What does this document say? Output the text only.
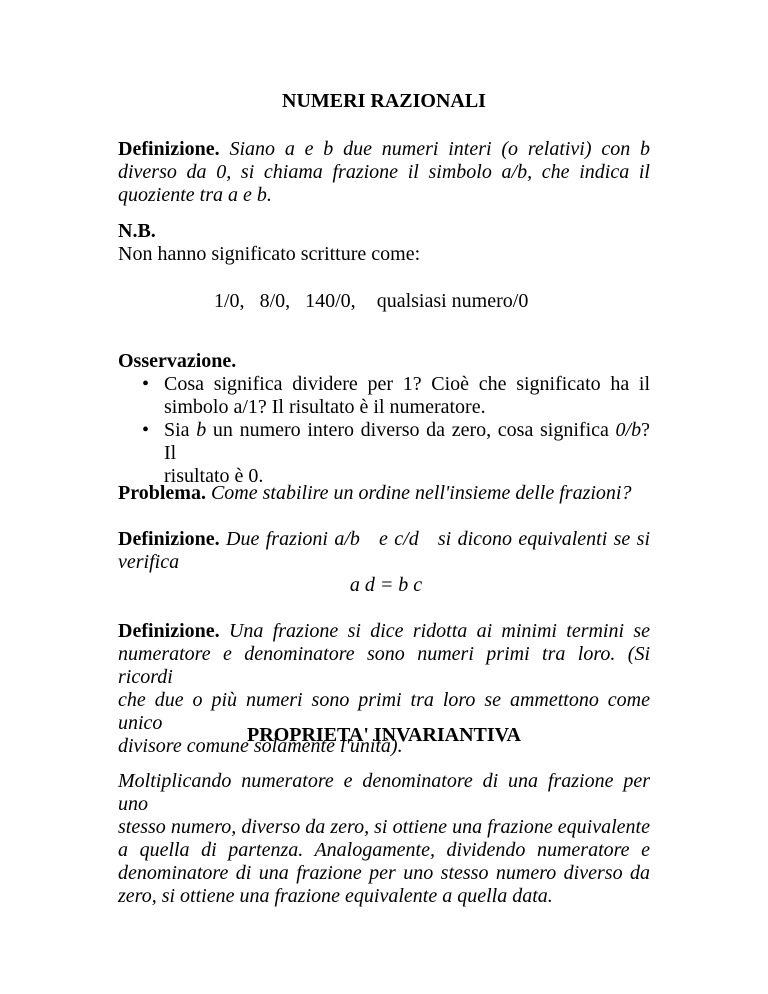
NUMERI RAZIONALI
Definizione. Siano a e b due numeri interi (o relativi) con b
diverso da 0, si chiama frazione il simbolo a/b, che indica il
quoziente tra a e b.
N.B.
Non hanno significato scritture come:
1/0, 8/0, 140/0, qualsiasi numero/0
Osservazione.
• Cosa significa dividere per 1? Cioè che significato ha il
simbolo a/1? Il risultato è il numeratore.
• Sia b un numero intero diverso da zero, cosa significa 0/b? Il
risultato è 0.
Problema. Come stabilire un ordine nell'insieme delle frazioni?
Definizione. Due frazioni a/b   e c/d   si dicono equivalenti se si
verifica
a d = b c
Definizione. Una frazione si dice ridotta ai minimi termini se
numeratore e denominatore sono numeri primi tra loro. (Si ricordi
che due o più numeri sono primi tra loro se ammettono come unico
divisore comune solamente l'unità).
PROPRIETA' INVARIANTIVA
Moltiplicando numeratore e denominatore di una frazione per uno
stesso numero, diverso da zero, si ottiene una frazione equivalente
a quella di partenza. Analogamente, dividendo numeratore e
denominatore di una frazione per uno stesso numero diverso da
zero, si ottiene una frazione equivalente a quella data.
